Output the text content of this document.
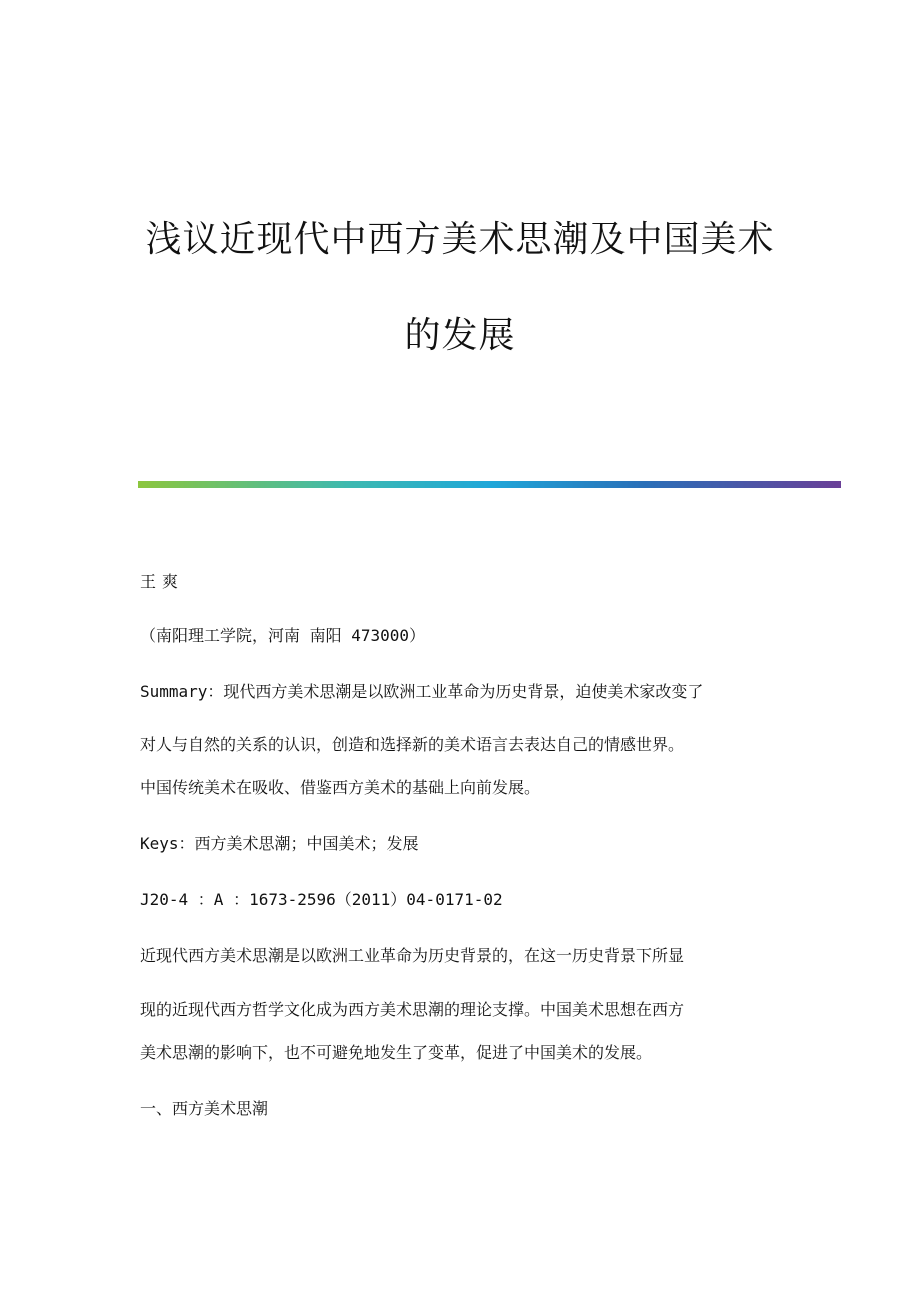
浅议近现代中西方美术思潮及中国美术
的发展
王爽
（南阳理工学院，河南 南阳 473000）
Summary：现代西方美术思潮是以欧洲工业革命为历史背景，迫使美术家改变了
对人与自然的关系的认识，创造和选择新的美术语言去表达自己的情感世界。
中国传统美术在吸收、借鉴西方美术的基础上向前发展。
Keys：西方美术思潮；中国美术；发展
J20-4 ：A ：1673-2596（2011）04-0171-02
近现代西方美术思潮是以欧洲工业革命为历史背景的，在这一历史背景下所显
现的近现代西方哲学文化成为西方美术思潮的理论支撑。中国美术思想在西方
美术思潮的影响下，也不可避免地发生了变革，促进了中国美术的发展。
一、西方美术思潮
